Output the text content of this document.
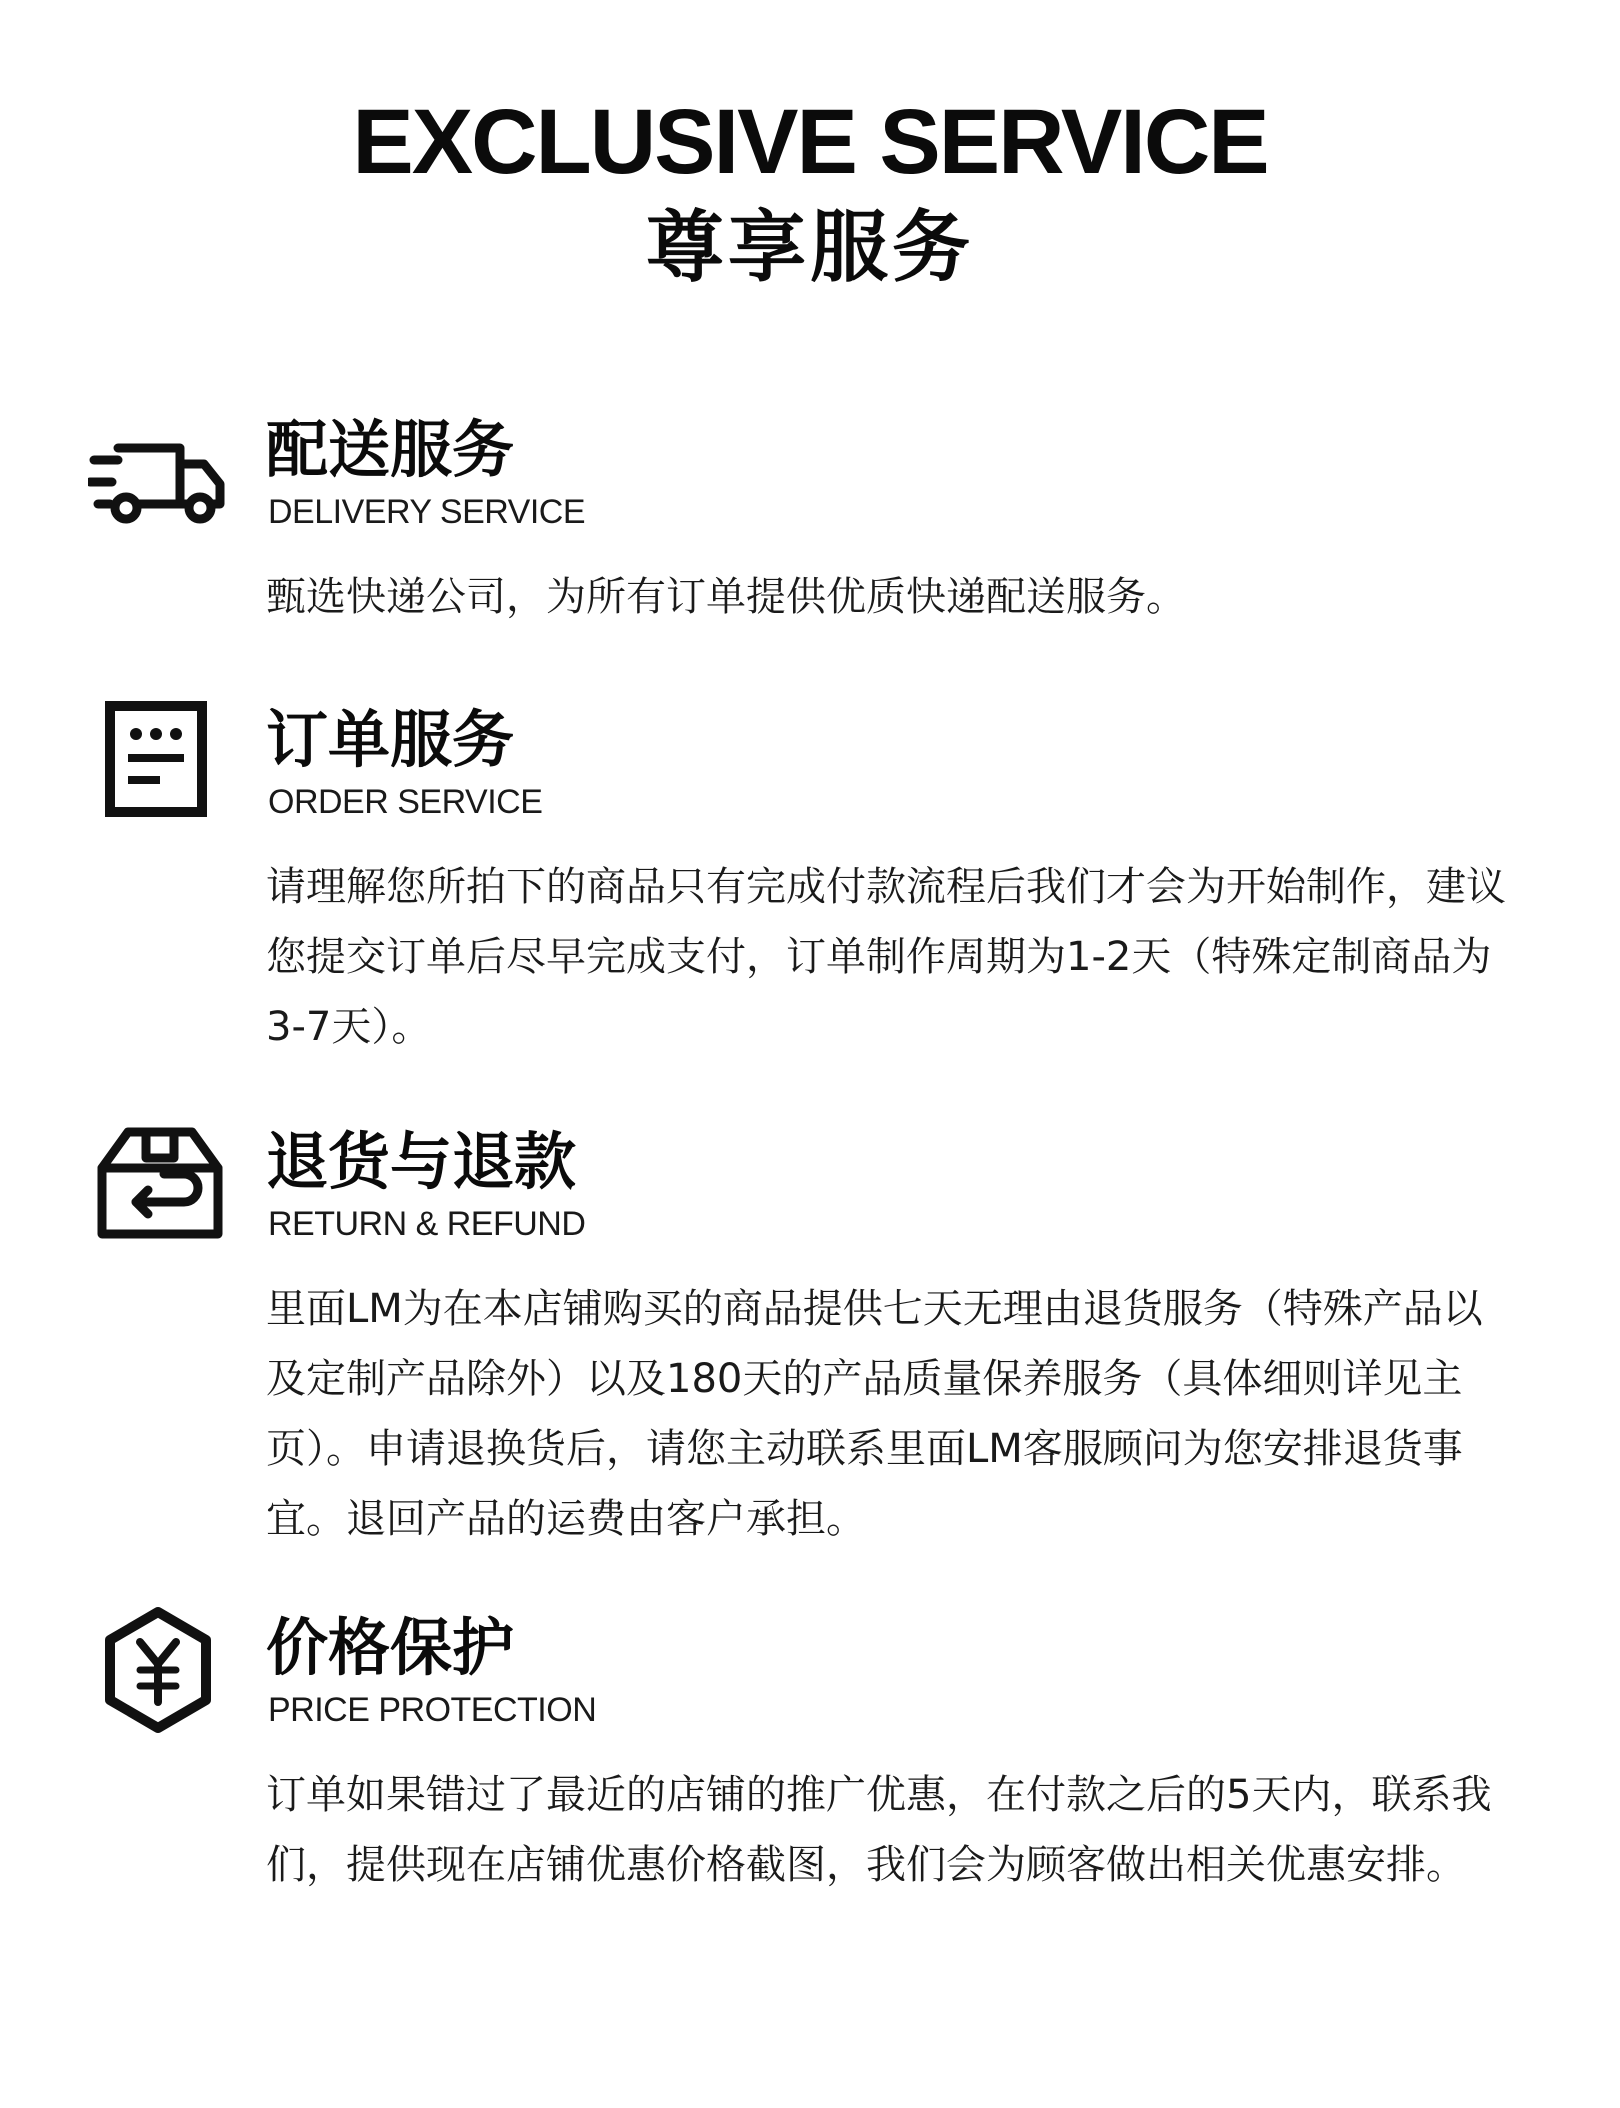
EXCLUSIVE SERVICE
尊享服务
配送服务
DELIVERY SERVICE

甄选快递公司，为所有订单提供优质快递配送服务。

订单服务
ORDER SERVICE

请理解您所拍下的商品只有完成付款流程后我们才会为开始制作，建议您提交订单后尽早完成支付，订单制作周期为1-2天（特殊定制商品为3-7天）。

退货与退款
RETURN & REFUND

里面LM为在本店铺购买的商品提供七天无理由退货服务（特殊产品以及定制产品除外）以及180天的产品质量保养服务（具体细则详见主页）。申请退换货后，请您主动联系里面LM客服顾问为您安排退货事宜。退回产品的运费由客户承担。

价格保护
PRICE PROTECTION

订单如果错过了最近的店铺的推广优惠，在付款之后的5天内，联系我们，提供现在店铺优惠价格截图，我们会为顾客做出相关优惠安排。
